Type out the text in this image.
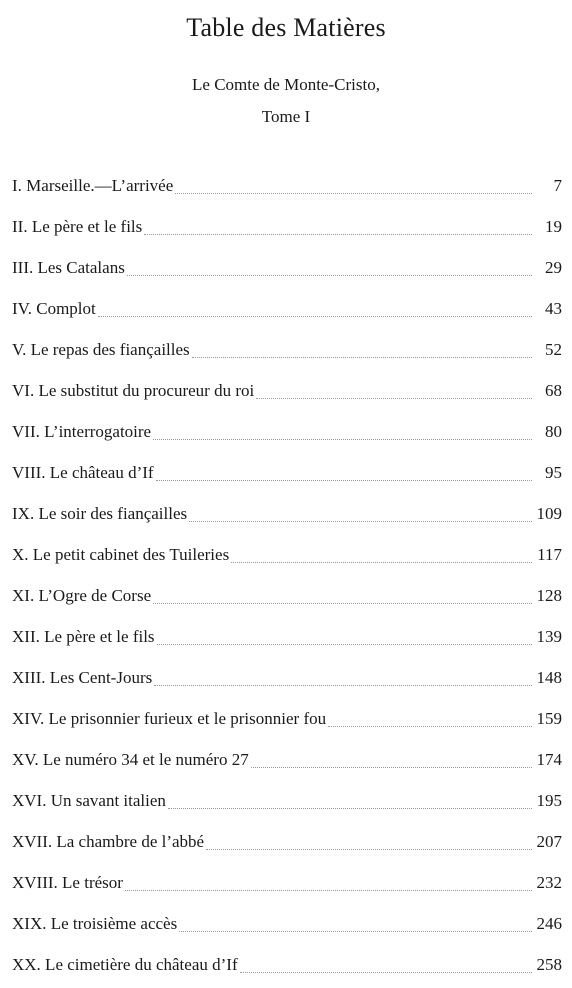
Table des Matières
Le Comte de Monte-Cristo,
Tome I
I. Marseille.—L’arrivée	7
II. Le père et le fils	19
III. Les Catalans	29
IV. Complot	43
V. Le repas des fiançailles	52
VI. Le substitut du procureur du roi	68
VII. L’interrogatoire	80
VIII. Le château d’If	95
IX. Le soir des fiançailles	109
X. Le petit cabinet des Tuileries	117
XI. L’Ogre de Corse	128
XII. Le père et le fils	139
XIII. Les Cent-Jours	148
XIV. Le prisonnier furieux et le prisonnier fou	159
XV. Le numéro 34 et le numéro 27	174
XVI. Un savant italien	195
XVII. La chambre de l’abbé	207
XVIII. Le trésor	232
XIX. Le troisième accès	246
XX. Le cimetière du château d’If	258
